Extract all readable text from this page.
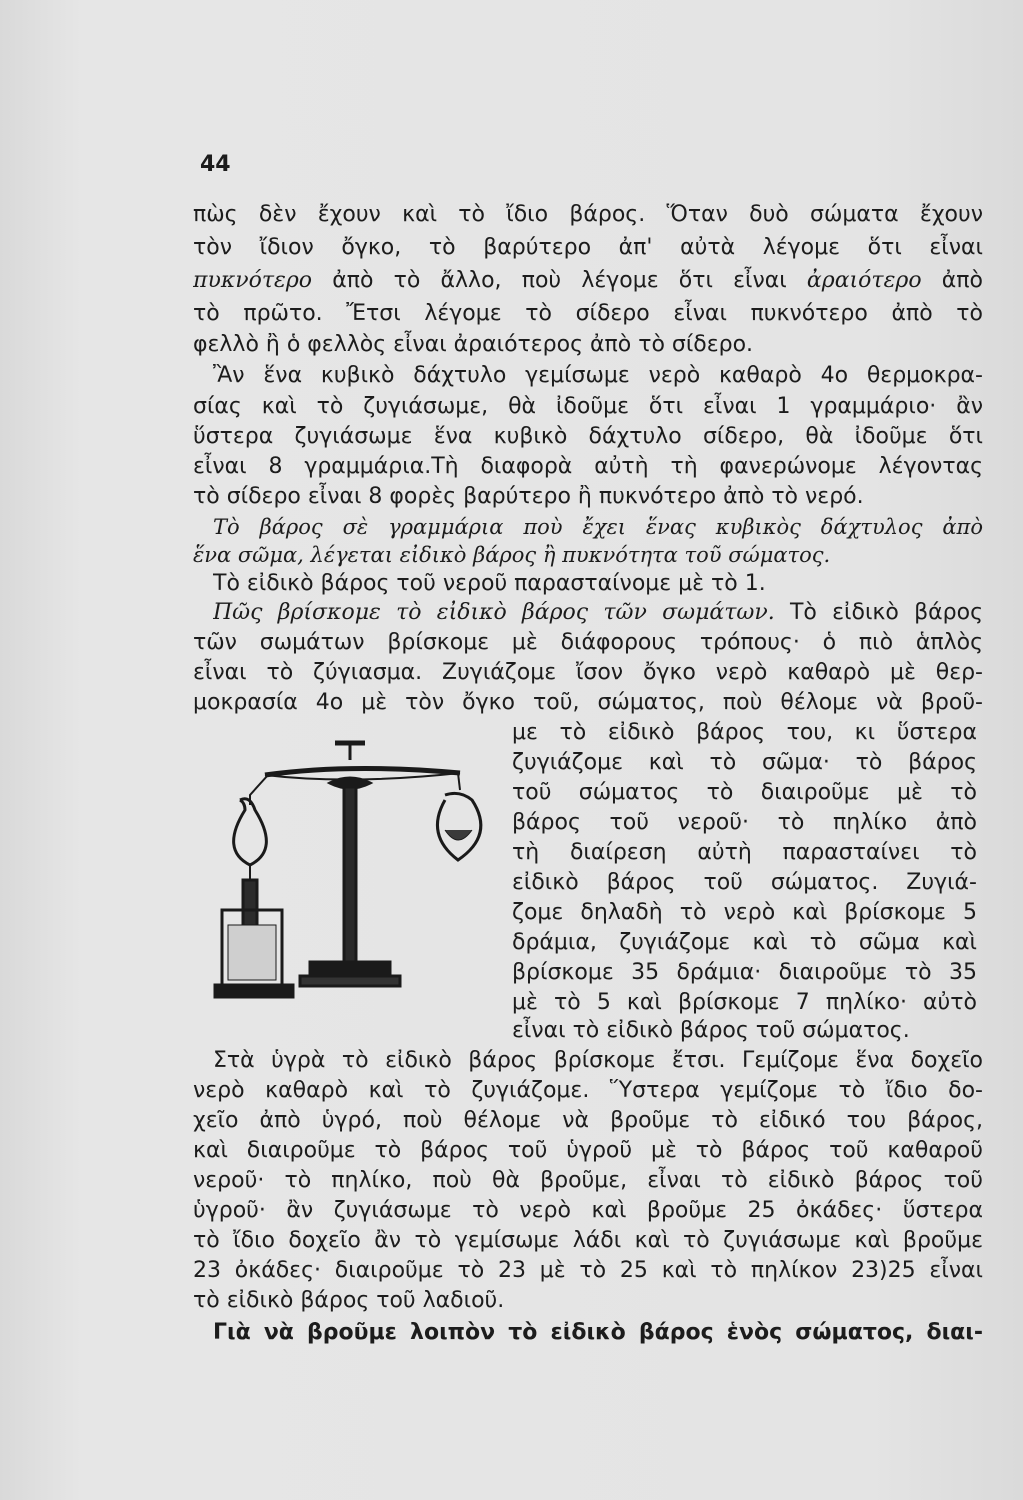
44
πὼς δὲν ἔχουν καὶ τὸ ἴδιο βάρος. Ὅταν δυὸ σώματα ἔχουν
τὸν ἴδιον ὄγκο, τὸ βαρύτερο ἀπ' αὐτὰ λέγομε ὅτι εἶναι
πυκνότερο ἀπὸ τὸ ἄλλο, ποὺ λέγομε ὅτι εἶναι ἀραιότερο ἀπὸ
τὸ πρῶτο. Ἔτσι λέγομε τὸ σίδερο εἶναι πυκνότερο ἀπὸ τὸ
φελλὸ ἢ ὁ φελλὸς εἶναι ἀραιότερος ἀπὸ τὸ σίδερο.
Ἂν ἕνα κυβικὸ δάχτυλο γεμίσωμε νερὸ καθαρὸ 4ο θερμοκρα-
σίας καὶ τὸ ζυγιάσωμε, θὰ ἰδοῦμε ὅτι εἶναι 1 γραμμάριο· ἂν
ὕστερα ζυγιάσωμε ἕνα κυβικὸ δάχτυλο σίδερο, θὰ ἰδοῦμε ὅτι
εἶναι 8 γραμμάρια.Τὴ διαφορὰ αὐτὴ τὴ φανερώνομε λέγοντας
τὸ σίδερο εἶναι 8 φορὲς βαρύτερο ἢ πυκνότερο ἀπὸ τὸ νερό.
Τὸ βάρος σὲ γραμμάρια ποὺ ἔχει ἕνας κυβικὸς δάχτυλος ἀπὸ
ἕνα σῶμα, λέγεται εἰδικὸ βάρος ἢ πυκνότητα τοῦ σώματος.
Τὸ εἰδικὸ βάρος τοῦ νεροῦ παρασταίνομε μὲ τὸ 1.
Πῶς βρίσκομε τὸ εἰδικὸ βάρος τῶν σωμάτων. Τὸ εἰδικὸ βάρος
τῶν σωμάτων βρίσκομε μὲ διάφορους τρόπους· ὁ πιὸ ἁπλὸς
εἶναι τὸ ζύγιασμα. Ζυγιάζομε ἴσον ὄγκο νερὸ καθαρὸ μὲ θερ-
μοκρασία 4ο μὲ τὸν ὄγκο τοῦ, σώματος, ποὺ θέλομε νὰ βροῦ-
με τὸ εἰδικὸ βάρος του, κι ὕστερα
ζυγιάζομε καὶ τὸ σῶμα· τὸ βάρος
τοῦ σώματος τὸ διαιροῦμε μὲ τὸ
βάρος τοῦ νεροῦ· τὸ πηλίκο ἀπὸ
τὴ διαίρεση αὐτὴ παρασταίνει τὸ
εἰδικὸ βάρος τοῦ σώματος. Ζυγιά-
ζομε δηλαδὴ τὸ νερὸ καὶ βρίσκομε 5
δράμια, ζυγιάζομε καὶ τὸ σῶμα καὶ
βρίσκομε 35 δράμια· διαιροῦμε τὸ 35
μὲ τὸ 5 καὶ βρίσκομε 7 πηλίκο· αὐτὸ
εἶναι τὸ εἰδικὸ βάρος τοῦ σώματος.
Στὰ ὑγρὰ τὸ εἰδικὸ βάρος βρίσκομε ἔτσι. Γεμίζομε ἕνα δοχεῖο
νερὸ καθαρὸ καὶ τὸ ζυγιάζομε. Ὕστερα γεμίζομε τὸ ἴδιο δο-
χεῖο ἀπὸ ὑγρό, ποὺ θέλομε νὰ βροῦμε τὸ εἰδικό του βάρος,
καὶ διαιροῦμε τὸ βάρος τοῦ ὑγροῦ μὲ τὸ βάρος τοῦ καθαροῦ
νεροῦ· τὸ πηλίκο, ποὺ θὰ βροῦμε, εἶναι τὸ εἰδικὸ βάρος τοῦ
ὑγροῦ· ἂν ζυγιάσωμε τὸ νερὸ καὶ βροῦμε 25 ὀκάδες· ὕστερα
τὸ ἴδιο δοχεῖο ἂν τὸ γεμίσωμε λάδι καὶ τὸ ζυγιάσωμε καὶ βροῦμε
23 ὀκάδες· διαιροῦμε τὸ 23 μὲ τὸ 25 καὶ τὸ πηλίκον 23)25 εἶναι
τὸ εἰδικὸ βάρος τοῦ λαδιοῦ.
Γιὰ νὰ βροῦμε λοιπὸν τὸ εἰδικὸ βάρος ἑνὸς σώματος, διαι-
